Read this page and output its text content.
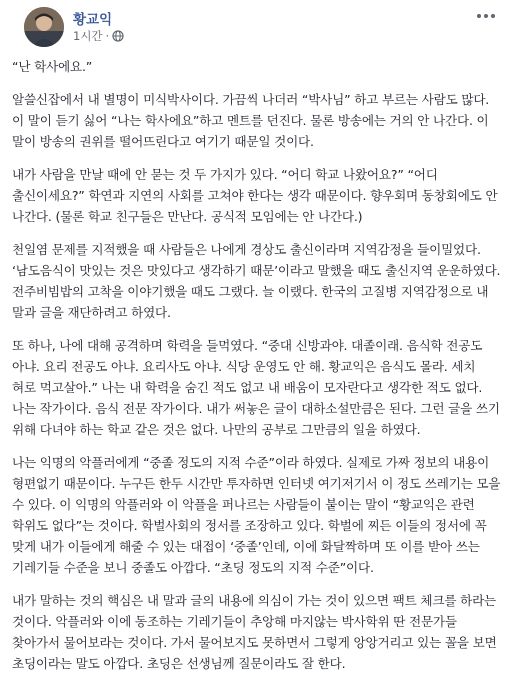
황교익
1시간 ·

“난 학사에요.”

알쓸신잡에서 내 별명이 미식박사이다. 가끔씩 나더러 “박사님” 하고 부르는 사람도 많다. 이 말이 듣기 싫어 “나는 학사에요”하고 멘트를 던진다. 물론 방송에는 거의 안 나간다. 이 말이 방송의 권위를 떨어뜨린다고 여기기 때문일 것이다.

내가 사람을 만날 때에 안 묻는 것 두 가지가 있다. “어디 학교 나왔어요?” “어디 출신이세요?” 학연과 지연의 사회를 고쳐야 한다는 생각 때문이다. 향우회며 동창회에도 안 나간다. (물론 학교 친구들은 만난다. 공식적 모임에는 안 나간다.)

천일염 문제를 지적했을 때 사람들은 나에게 경상도 출신이라며 지역감정을 들이밀었다. ‘남도음식이 맛있는 것은 맛있다고 생각하기 때문’이라고 말했을 때도 출신지역 운운하였다. 전주비빔밥의 고착을 이야기했을 때도 그랬다. 늘 이랬다. 한국의 고질병 지역감정으로 내 말과 글을 재단하려고 하였다.

또 하나, 나에 대해 공격하며 학력을 들먹였다. “중대 신방과야. 대졸이래. 음식학 전공도 아냐. 요리 전공도 아냐. 요리사도 아냐. 식당 운영도 안 해. 황교익은 음식도 몰라. 세치 혀로 먹고살아.” 나는 내 학력을 숨긴 적도 없고 내 배움이 모자란다고 생각한 적도 없다. 나는 작가이다. 음식 전문 작가이다. 내가 써놓은 글이 대하소설만큼은 된다. 그런 글을 쓰기 위해 다녀야 하는 학교 같은 것은 없다. 나만의 공부로 그만큼의 일을 하였다.

나는 익명의 악플러에게 “중졸 정도의 지적 수준”이라 하였다. 실제로 가짜 정보의 내용이 형편없기 때문이다. 누구든 한두 시간만 투자하면 인터넷 여기저기서 이 정도 쓰레기는 모을 수 있다. 이 익명의 악플러와 이 악플을 퍼나르는 사람들이 붙이는 말이 “황교익은 관련 학위도 없다”는 것이다. 학벌사회의 정서를 조장하고 있다. 학벌에 찌든 이들의 정서에 꼭 맞게 내가 이들에게 해줄 수 있는 대접이 ‘중졸’인데, 이에 화달짝하며 또 이를 받아 쓰는 기레기들 수준을 보니 중졸도 아깝다. “초딩 정도의 지적 수준”이다.

내가 말하는 것의 핵심은 내 말과 글의 내용에 의심이 가는 것이 있으면 팩트 체크를 하라는 것이다. 악플러와 이에 동조하는 기레기들이 추앙해 마지않는 박사학위 딴 전문가들 찾아가서 물어보라는 것이다. 가서 물어보지도 못하면서 그렇게 앙앙거리고 있는 꼴을 보면 초딩이라는 말도 아깝다. 초딩은 선생님께 질문이라도 잘 한다.
